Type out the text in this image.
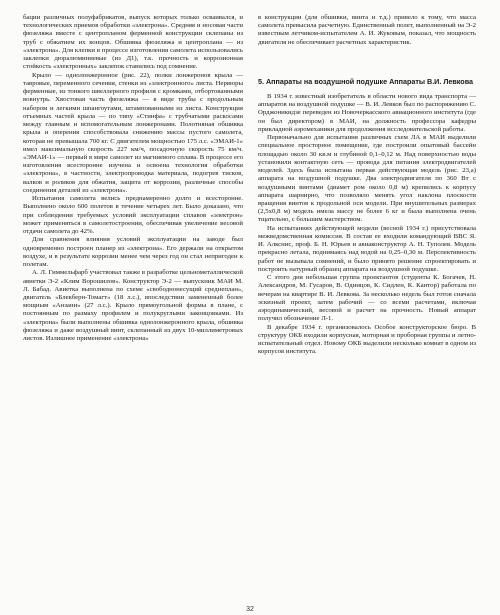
бации различных полуфабрикатов, выпуск которых только осваивался, и технологических приемов обработки «электрона». Средняя и носовая части фюзеляжа вместе с центропланом ферменной конструкции склепаны из труб с обжатием их концов. Обшивка фюзеляжа и центроплана — из «электрона». Для клепки в процессе изготовления самолета использовались заклепки дюралюминиевые (из Д1), т.к. прочность и коррозионная стойкость «электронных» заклепок ставились под сомнение.

Крыло — однолонжеронное (рис. 22), полки лонжеронов крыла — тавровые, переменного сечения, стенки из «электронного» листа. Нервюры ферменные, из тонкого швеллерного профиля с кромками, отбортованными вовнутрь. Хвостовая часть фюзеляжа — в виде трубы с продольным набором и легкими шпангоутами, штампованными из листа. Конструкция отъемных частей крыла — по типу «Стинфа» с трубчатыми раскосами между главным и вспомогательным лонжеронами. Полотняная обшивка крыла и оперения способствовала снижению массы пустого самолета, которая не превышала 700 кг. С двигателем мощностью 175 л.с. «ЭМАИ-1» имел максимальную скорость 227 км/ч, посадочную скорость 75 км/ч. «ЭМАИ-1» — первый в мире самолет из магниевого сплава. В процессе его изготовления всесторонне изучена и освоена технология обработки «электрона», в частности, электропроводка материала, подогрев тисков, валков и роликов для обжатия, защита от коррозии, различные способы соединения деталей из «электрона».

Испытания самолета велись преднамеренно долго и всесторонне. Выполнено около 600 полетов в течение четырех лет. Было доказано, что при соблюдении требуемых условий эксплуатации сплавов «электрон» может применяться в самолетостроении, обеспечивая увеличение весовой отдачи самолета до 42%.

Для сравнения влияния условий эксплуатации на заводе был одновременно построен планер из «электрона». Его держали на открытом воздухе, и в результате коррозии менее чем через год он стал непригоден к полетам.

А. Л. Гиммельфарб участвовал также в разработке цельнометаллической авиетки Э-2 «Клим Ворошилов». Конструктор Э-2 — выпускник МАИ М. Л. Бабад. Авиетка выполнена по схеме «свободнонесущий среднеплан», двигатель «Блекберн-Томагт» (18 л.с.), впоследствии замененный более мощным «Анзани» (27 л.с.). Крыло прямоугольной формы в плане, с постоянным по размаху профилем и полукруглыми законцовками. Из «электрона» были выполнены обшивка однолонжеронного крыла, обшивка фюзеляжа и даже воздушный винт, склепанный из двух 10-миллиметровых листов. Излишнее применение «электрона»

в конструкции (для обшивки, винта и т.д.) привело к тому, что масса самолета превысила расчетную. Единственный полет, выполненный на Э-2 известным летчиком-испытателем А. И. Жуковым, показал, что мощность двигателя не обеспечивает расчетных характеристик.

5. Аппараты на воздушной подушке Аппараты В.И. Левкова

В 1934 г. известный изобретатель в области нового вида транспорта — аппаратов на воздушной подушке — В. И. Левков был по распоряжению С. Орджоникидзе переведен из Новочеркасского авиационного института (где он был директором) в МАИ, на должность профессора кафедры прикладной аэромеханики для продолжения исследовательской работы.

Первоначально для испытания различных схем ЛА в МАИ выделили специальное просторное помещение, где построили опытовый бассейн площадью около 30 кв.м и глубиной 0,1–0,12 м. Над поверхностью воды установили контактную сеть — провода для питания электродвигателей моделей. Здесь была испытана первая действующая модель (рис. 23,а) аппарата на воздушной подушке. Два электродвигателя по 360 Вт с воздушными винтами (диамет ром около 0,8 м) крепились к корпусу аппарата шарнирно, что позволяло менять угол наклона плоскости вращения винтов к продольной оси модели. При внушительных размерах (2,5х0,8 м) модель имела массу не более 6 кг и была выполнена очень тщательно, с большим мастерством.

На испытаниях действующей модели (весной 1934 г.) присутствовала межведомственная комиссия. В состав ее входили командующий ВВС Я. И. Алкснис, проф. Б. Н. Юрьев и авиаконструктор А. Н. Туполев. Модель прекрасно летала, поднимаясь над водой на 0,25–0,30 м. Перспективность работ не вызывала сомнений, и было принято решение спроектировать и построить натурный образец аппарата на воздушной подушке.

С этого дня небольшая группа проектантов (студенты К. Богачев, Н. Александров, М. Гусаров, В. Одинцов, К. Сидлен, К. Кантор) работала по вечерам на квартире В. И. Левкова. За несколько недель был готов сначала эскизный проект, затем рабочий — со всеми расчетами, включая аэродинамический, весовой и расчет на прочность. Новый аппарат получил обозначение Л-1.

В декабре 1934 г. организовалось Особое конструкторское бюро. В структуру ОКБ входили корпусная, моторная и проборная группы и летно-испытательный отдел. Новому ОКБ выделили несколько комнат в одном из корпусов института.

32
